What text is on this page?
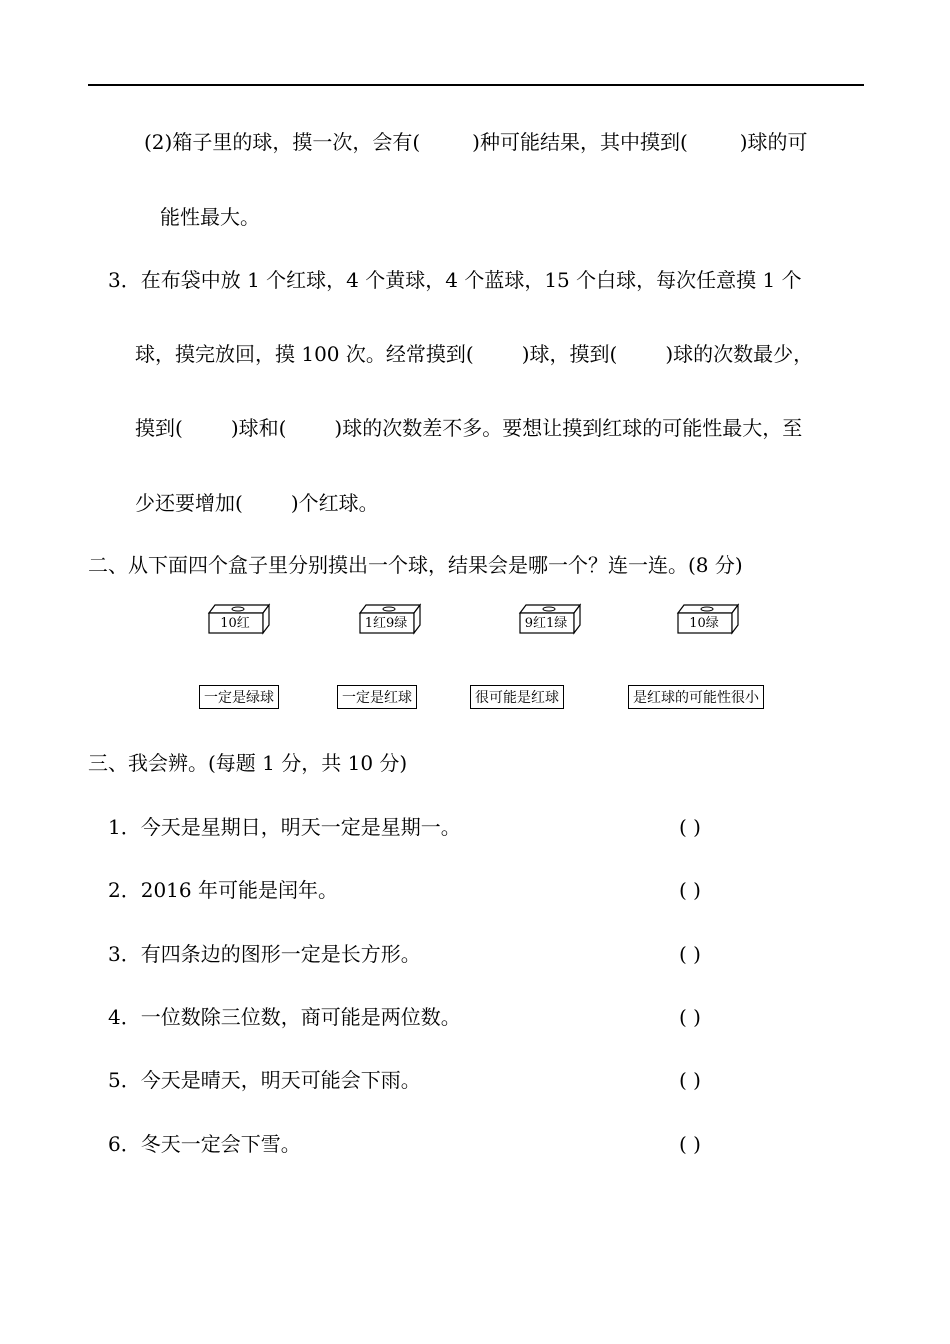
(2)箱子里的球，摸一次，会有(	)种可能结果，其中摸到(	)球的可
能性最大。
3．在布袋中放 1 个红球，4 个黄球，4 个蓝球，15 个白球，每次任意摸 1 个
球，摸完放回，摸 100 次。经常摸到( )球，摸到( )球的次数最少，
摸到( )球和( )球的次数差不多。要想让摸到红球的可能性最大，至
少还要增加( )个红球。
二、从下面四个盒子里分别摸出一个球，结果会是哪一个？连一连。(8 分)
10红	1红9绿	9红1绿	10绿
一定是绿球	一定是红球	很可能是红球	是红球的可能性很小
三、我会辨。(每题 1 分，共 10 分)
1．今天是星期日，明天一定是星期一。	( )
2．2016 年可能是闰年。	( )
3．有四条边的图形一定是长方形。	( )
4．一位数除三位数，商可能是两位数。	( )
5．今天是晴天，明天可能会下雨。	( )
6．冬天一定会下雪。	( )
